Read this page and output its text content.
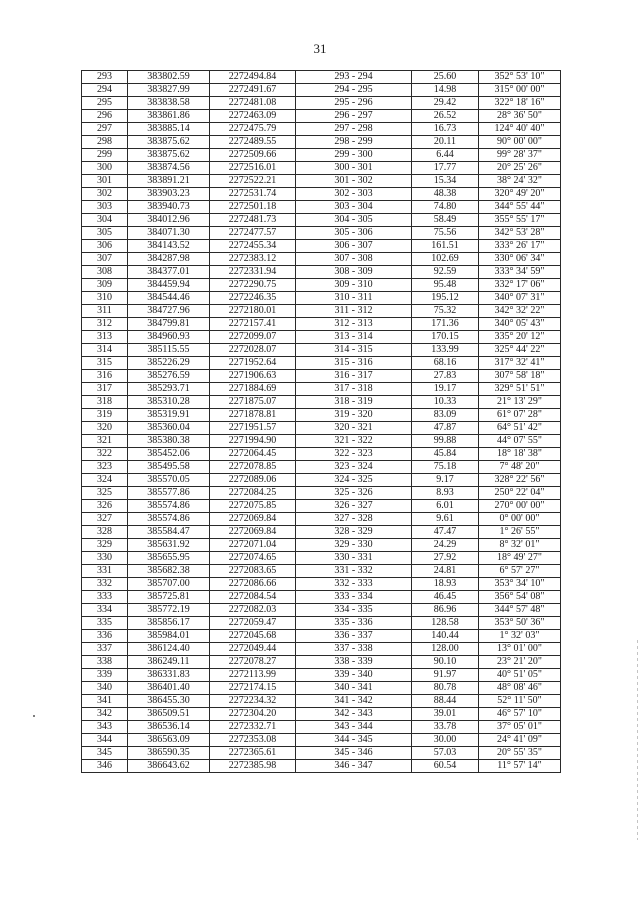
31
293	383802.59	2272494.84	293 - 294	25.60	352° 53' 10"
294	383827.99	2272491.67	294 - 295	14.98	315° 00' 00"
295	383838.58	2272481.08	295 - 296	29.42	322° 18' 16"
296	383861.86	2272463.09	296 - 297	26.52	28° 36' 50"
297	383885.14	2272475.79	297 - 298	16.73	124° 40' 40"
298	383875.62	2272489.55	298 - 299	20.11	90° 00' 00"
299	383875.62	2272509.66	299 - 300	6.44	99° 28' 37"
300	383874.56	2272516.01	300 - 301	17.77	20° 25' 26"
301	383891.21	2272522.21	301 - 302	15.34	38° 24' 32"
302	383903.23	2272531.74	302 - 303	48.38	320° 49' 20"
303	383940.73	2272501.18	303 - 304	74.80	344° 55' 44"
304	384012.96	2272481.73	304 - 305	58.49	355° 55' 17"
305	384071.30	2272477.57	305 - 306	75.56	342° 53' 28"
306	384143.52	2272455.34	306 - 307	161.51	333° 26' 17"
307	384287.98	2272383.12	307 - 308	102.69	330° 06' 34"
308	384377.01	2272331.94	308 - 309	92.59	333° 34' 59"
309	384459.94	2272290.75	309 - 310	95.48	332° 17' 06"
310	384544.46	2272246.35	310 - 311	195.12	340° 07' 31"
311	384727.96	2272180.01	311 - 312	75.32	342° 32' 22"
312	384799.81	2272157.41	312 - 313	171.36	340° 05' 43"
313	384960.93	2272099.07	313 - 314	170.15	335° 20' 12"
314	385115.55	2272028.07	314 - 315	133.99	325° 44' 22"
315	385226.29	2271952.64	315 - 316	68.16	317° 32' 41"
316	385276.59	2271906.63	316 - 317	27.83	307° 58' 18"
317	385293.71	2271884.69	317 - 318	19.17	329° 51' 51"
318	385310.28	2271875.07	318 - 319	10.33	21° 13' 29"
319	385319.91	2271878.81	319 - 320	83.09	61° 07' 28"
320	385360.04	2271951.57	320 - 321	47.87	64° 51' 42"
321	385380.38	2271994.90	321 - 322	99.88	44° 07' 55"
322	385452.06	2272064.45	322 - 323	45.84	18° 18' 38"
323	385495.58	2272078.85	323 - 324	75.18	7° 48' 20"
324	385570.05	2272089.06	324 - 325	9.17	328° 22' 56"
325	385577.86	2272084.25	325 - 326	8.93	250° 22' 04"
326	385574.86	2272075.85	326 - 327	6.01	270° 00' 00"
327	385574.86	2272069.84	327 - 328	9.61	0° 00' 00"
328	385584.47	2272069.84	328 - 329	47.47	1° 26' 55"
329	385631.92	2272071.04	329 - 330	24.29	8° 32' 01"
330	385655.95	2272074.65	330 - 331	27.92	18° 49' 27"
331	385682.38	2272083.65	331 - 332	24.81	6° 57' 27"
332	385707.00	2272086.66	332 - 333	18.93	353° 34' 10"
333	385725.81	2272084.54	333 - 334	46.45	356° 54' 08"
334	385772.19	2272082.03	334 - 335	86.96	344° 57' 48"
335	385856.17	2272059.47	335 - 336	128.58	353° 50' 36"
336	385984.01	2272045.68	336 - 337	140.44	1° 32' 03"
337	386124.40	2272049.44	337 - 338	128.00	13° 01' 00"
338	386249.11	2272078.27	338 - 339	90.10	23° 21' 20"
339	386331.83	2272113.99	339 - 340	91.97	40° 51' 05"
340	386401.40	2272174.15	340 - 341	80.78	48° 08' 46"
341	386455.30	2272234.32	341 - 342	88.44	52° 11' 50"
342	386509.51	2272304.20	342 - 343	39.01	46° 57' 10"
343	386536.14	2272332.71	343 - 344	33.78	37° 05' 01"
344	386563.09	2272353.08	344 - 345	30.00	24° 41' 09"
345	386590.35	2272365.61	345 - 346	57.03	20° 55' 35"
346	386643.62	2272385.98	346 - 347	60.54	11° 57' 14"
